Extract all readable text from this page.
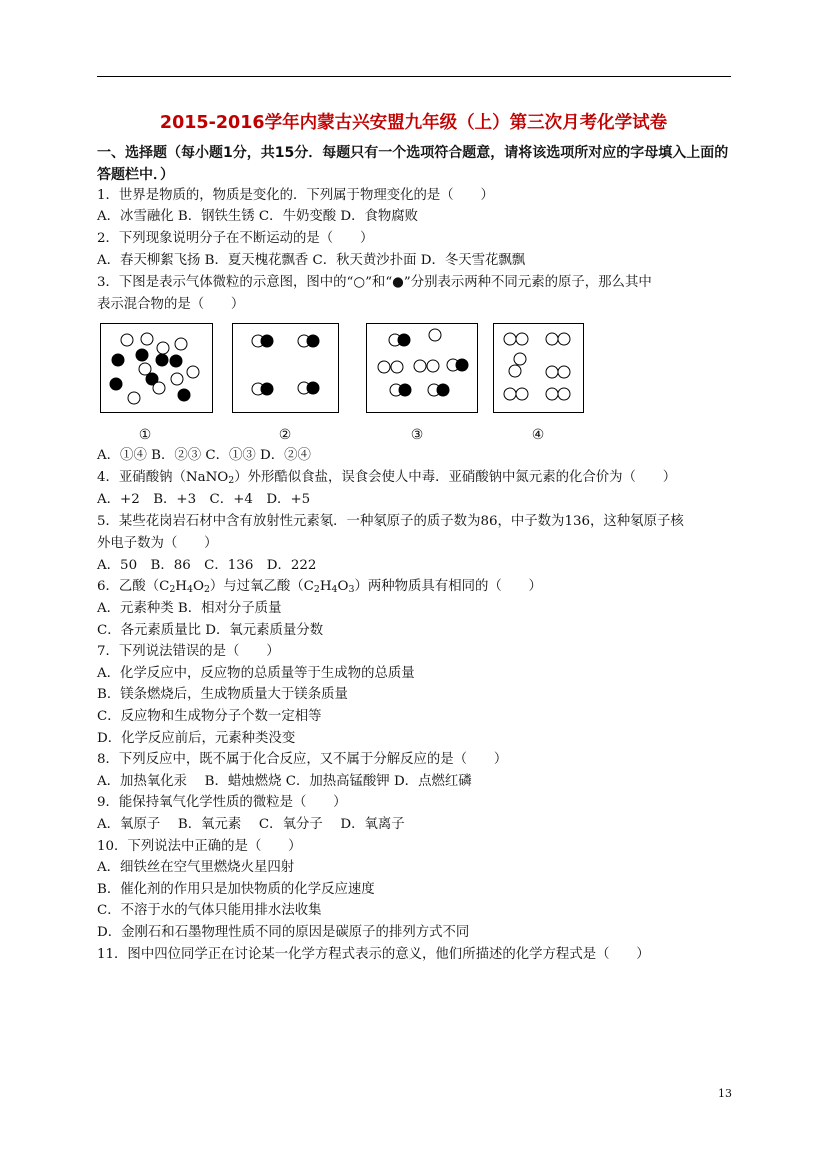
2015-2016学年内蒙古兴安盟九年级（上）第三次月考化学试卷
一、选择题（每小题1分，共15分．每题只有一个选项符合题意，请将该选项所对应的字母填入上面的答题栏中．）
1．世界是物质的，物质是变化的．下列属于物理变化的是（　　）
A．冰雪融化 B．钢铁生锈 C．牛奶变酸 D．食物腐败
2．下列现象说明分子在不断运动的是（　　）
A．春天柳絮飞扬 B．夏天槐花飘香 C．秋天黄沙扑面 D．冬天雪花飘飘
3．下图是表示气体微粒的示意图，图中的“○”和“●”分别表示两种不同元素的原子，那么其中
表示混合物的是（　　）
①	②	③	④
A．①④ B．②③ C．①③ D．②④
4．亚硝酸钠（NaNO$_2$）外形酷似食盐，误食会使人中毒．亚硝酸钠中氮元素的化合价为（　　）
A．+2　B．+3　C．+4　D．+5
5．某些花岗岩石材中含有放射性元素氡．一种氡原子的质子数为86，中子数为136，这种氡原子核
外电子数为（　　）
A．50　B．86　C．136　D．222
6．乙酸$(C_2H_4O_2)$与过氧乙酸$(C_2H_4O_3)$两种物质具有相同的（　　）
A．元素种类 B．相对分子质量
C．各元素质量比 D．氧元素质量分数
7．下列说法错误的是（　　）
A．化学反应中，反应物的总质量等于生成物的总质量
B．镁条燃烧后，生成物质量大于镁条质量
C．反应物和生成物分子个数一定相等
D．化学反应前后，元素种类没变
8．下列反应中，既不属于化合反应，又不属于分解反应的是（　　）
A．加热氧化汞　 B．蜡烛燃烧 C．加热高锰酸钾 D．点燃红磷
9．能保持氧气化学性质的微粒是（　　）
A．氧原子　 B．氧元素　 C．氧分子　 D．氧离子
10．下列说法中正确的是（　　）
A．细铁丝在空气里燃烧火星四射
B．催化剂的作用只是加快物质的化学反应速度
C．不溶于水的气体只能用排水法收集
D．金刚石和石墨物理性质不同的原因是碳原子的排列方式不同
11．图中四位同学正在讨论某一化学方程式表示的意义，他们所描述的化学方程式是（　　）
13
